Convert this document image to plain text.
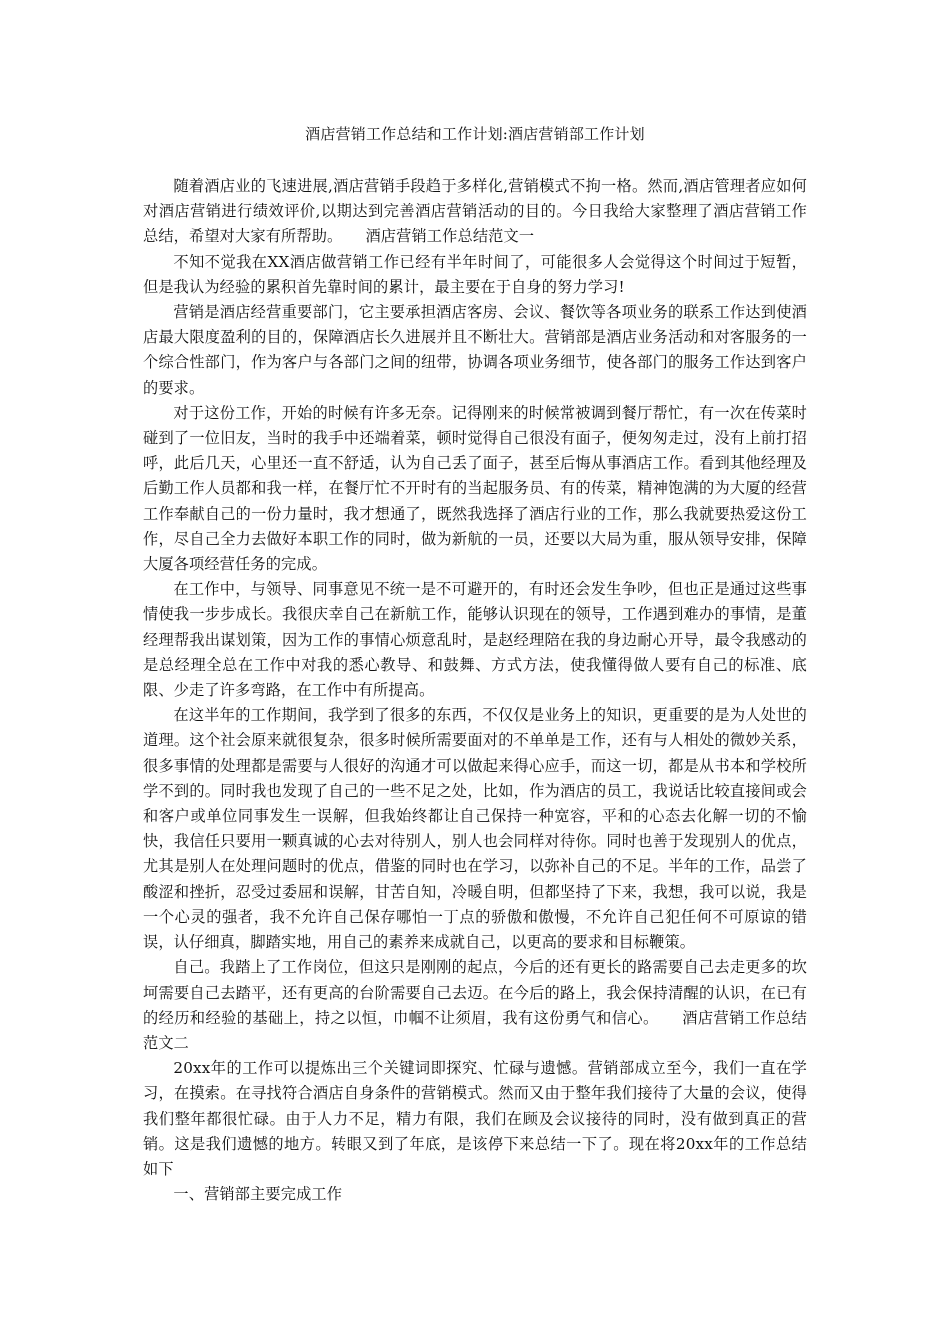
酒店营销工作总结和工作计划:酒店营销部工作计划

随着酒店业的飞速进展,酒店营销手段趋于多样化,营销模式不拘一格。然而,酒店管理者应如何对酒店营销进行绩效评价,以期达到完善酒店营销活动的目的。今日我给大家整理了酒店营销工作总结，希望对大家有所帮助。　　酒店营销工作总结范文一

不知不觉我在XX酒店做营销工作已经有半年时间了，可能很多人会觉得这个时间过于短暂，但是我认为经验的累积首先靠时间的累计，最主要在于自身的努力学习!

营销是酒店经营重要部门，它主要承担酒店客房、会议、餐饮等各项业务的联系工作达到使酒店最大限度盈利的目的，保障酒店长久进展并且不断壮大。营销部是酒店业务活动和对客服务的一个综合性部门，作为客户与各部门之间的纽带，协调各项业务细节，使各部门的服务工作达到客户的要求。

对于这份工作，开始的时候有许多无奈。记得刚来的时候常被调到餐厅帮忙，有一次在传菜时碰到了一位旧友，当时的我手中还端着菜，顿时觉得自己很没有面子，便匆匆走过，没有上前打招呼，此后几天，心里还一直不舒适，认为自己丢了面子，甚至后悔从事酒店工作。看到其他经理及后勤工作人员都和我一样，在餐厅忙不开时有的当起服务员、有的传菜，精神饱满的为大厦的经营工作奉献自己的一份力量时，我才想通了，既然我选择了酒店行业的工作，那么我就要热爱这份工作，尽自己全力去做好本职工作的同时，做为新航的一员，还要以大局为重，服从领导安排，保障大厦各项经营任务的完成。

在工作中，与领导、同事意见不统一是不可避开的，有时还会发生争吵，但也正是通过这些事情使我一步步成长。我很庆幸自己在新航工作，能够认识现在的领导，工作遇到难办的事情，是董经理帮我出谋划策，因为工作的事情心烦意乱时，是赵经理陪在我的身边耐心开导，最令我感动的是总经理全总在工作中对我的悉心教导、和鼓舞、方式方法，使我懂得做人要有自己的标准、底限、少走了许多弯路，在工作中有所提高。

在这半年的工作期间，我学到了很多的东西，不仅仅是业务上的知识，更重要的是为人处世的道理。这个社会原来就很复杂，很多时候所需要面对的不单单是工作，还有与人相处的微妙关系，很多事情的处理都是需要与人很好的沟通才可以做起来得心应手，而这一切，都是从书本和学校所学不到的。同时我也发现了自己的一些不足之处，比如，作为酒店的员工，我说话比较直接间或会和客户或单位同事发生一误解，但我始终都让自己保持一种宽容，平和的心态去化解一切的不愉快，我信任只要用一颗真诚的心去对待别人，别人也会同样对待你。同时也善于发现别人的优点，尤其是别人在处理问题时的优点，借鉴的同时也在学习，以弥补自己的不足。半年的工作，品尝了酸涩和挫折，忍受过委屈和误解，甘苦自知，冷暖自明，但都坚持了下来，我想，我可以说，我是一个心灵的强者，我不允许自己保存哪怕一丁点的骄傲和傲慢，不允许自己犯任何不可原谅的错误，认仔细真，脚踏实地，用自己的素养来成就自己，以更高的要求和目标鞭策。

自己。我踏上了工作岗位，但这只是刚刚的起点，今后的还有更长的路需要自己去走更多的坎坷需要自己去踏平，还有更高的台阶需要自己去迈。在今后的路上，我会保持清醒的认识，在已有的经历和经验的基础上，持之以恒，巾帼不让须眉，我有这份勇气和信心。　　酒店营销工作总结范文二

20xx年的工作可以提炼出三个关键词即探究、忙碌与遗憾。营销部成立至今，我们一直在学习，在摸索。在寻找符合酒店自身条件的营销模式。然而又由于整年我们接待了大量的会议，使得我们整年都很忙碌。由于人力不足，精力有限，我们在顾及会议接待的同时，没有做到真正的营销。这是我们遗憾的地方。转眼又到了年底，是该停下来总结一下了。现在将20xx年的工作总结如下

一、营销部主要完成工作
